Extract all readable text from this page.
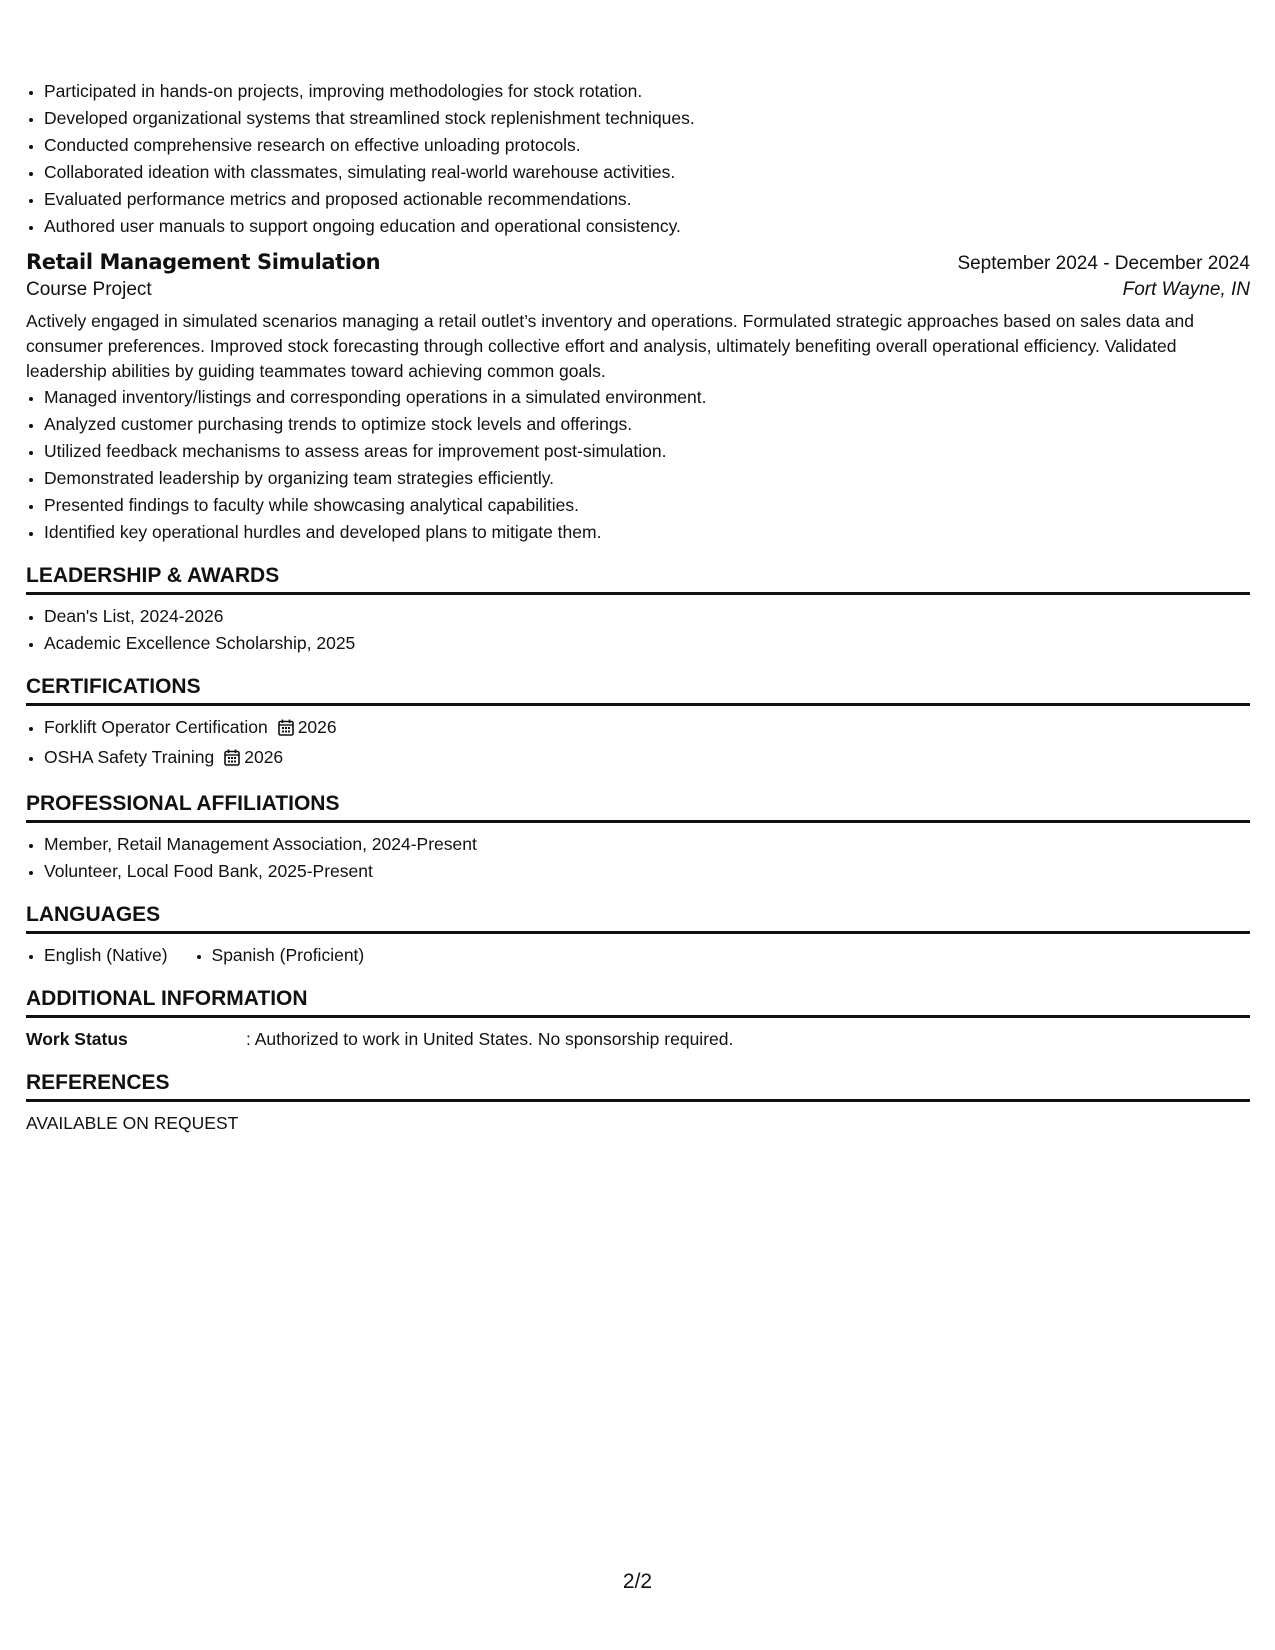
• Participated in hands-on projects, improving methodologies for stock rotation.
• Developed organizational systems that streamlined stock replenishment techniques.
• Conducted comprehensive research on effective unloading protocols.
• Collaborated ideation with classmates, simulating real-world warehouse activities.
• Evaluated performance metrics and proposed actionable recommendations.
• Authored user manuals to support ongoing education and operational consistency.
Retail Management Simulation	September 2024 - December 2024
Course Project	Fort Wayne, IN

Actively engaged in simulated scenarios managing a retail outlet’s inventory and operations. Formulated strategic approaches based on sales data and consumer preferences. Improved stock forecasting through collective effort and analysis, ultimately benefiting overall operational efficiency. Validated leadership abilities by guiding teammates toward achieving common goals.

• Managed inventory/listings and corresponding operations in a simulated environment.
• Analyzed customer purchasing trends to optimize stock levels and offerings.
• Utilized feedback mechanisms to assess areas for improvement post-simulation.
• Demonstrated leadership by organizing team strategies efficiently.
• Presented findings to faculty while showcasing analytical capabilities.
• Identified key operational hurdles and developed plans to mitigate them.
LEADERSHIP & AWARDS
• Dean's List, 2024-2026
• Academic Excellence Scholarship, 2025
CERTIFICATIONS
• Forklift Operator Certification 2026
• OSHA Safety Training 2026
PROFESSIONAL AFFILIATIONS
• Member, Retail Management Association, 2024-Present
• Volunteer, Local Food Bank, 2025-Present
LANGUAGES
• English (Native)
•	Spanish (Proficient)
ADDITIONAL INFORMATION
Work Status	: Authorized to work in United States. No sponsorship required.
REFERENCES
AVAILABLE ON REQUEST
2/2
